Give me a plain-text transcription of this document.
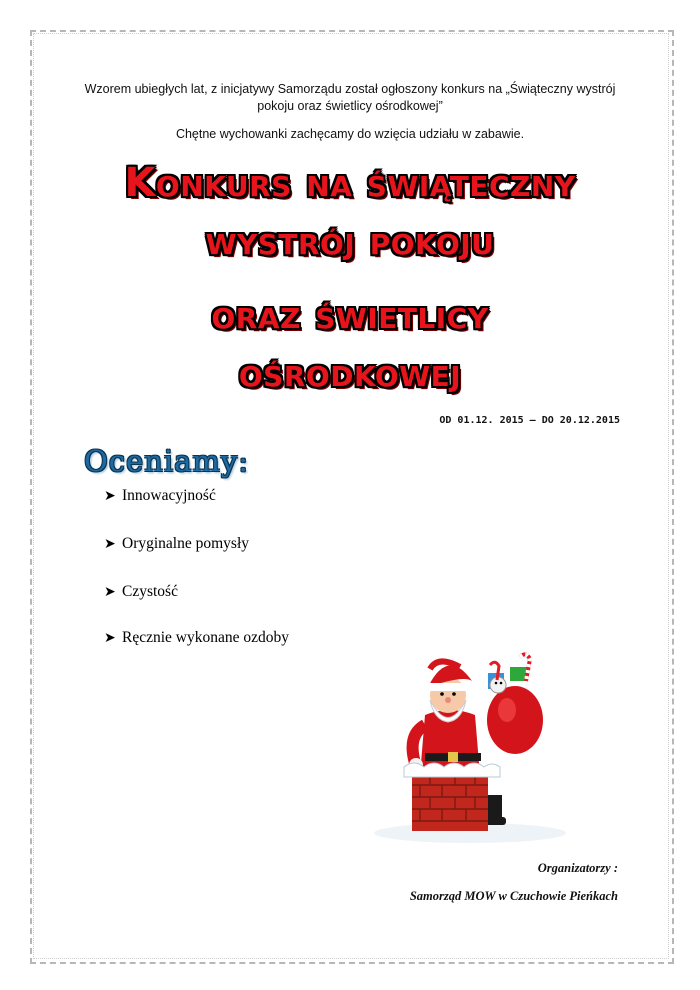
Wzorem ubiegłych lat, z inicjatywy Samorządu został ogłoszony konkurs na „Świąteczny wystrój pokoju oraz świetlicy ośrodkowej”
Chętne wychowanki zachęcamy do wzięcia udziału w zabawie.
Konkurs na świąteczny
wystrój pokoju
oraz świetlicy
ośrodkowej
OD 01.12. 2015 – DO 20.12.2015
Oceniamy:
➤ Innowacyjność
➤ Oryginalne pomysły
➤ Czystość
➤ Ręcznie wykonane ozdoby
Organizatorzy :
Samorząd MOW w Czuchowie Pieńkach
